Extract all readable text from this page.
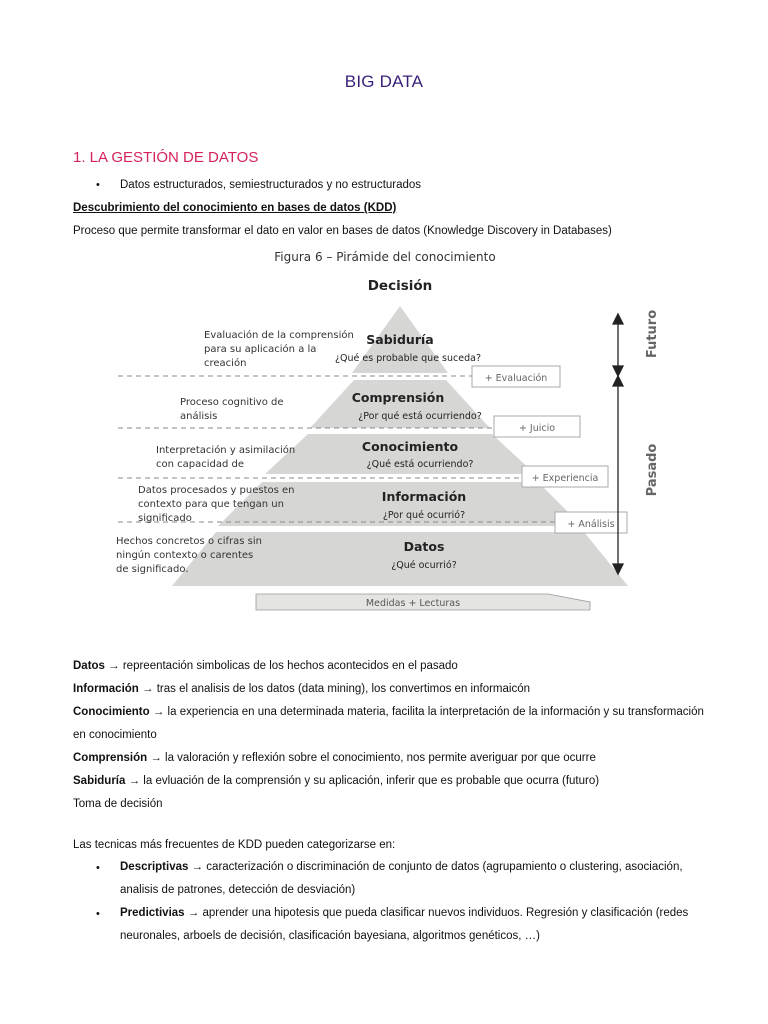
BIG DATA
1. LA GESTIÓN DE DATOS
• Datos estructurados, semiestructurados y no estructurados
Descubrimiento del conocimiento en bases de datos (KDD)
Proceso que permite transformar el dato en valor en bases de datos (Knowledge Discovery in Databases)
Figura 6 – Pirámide del conocimiento
Decisión
Sabiduría
¿Qué es probable que suceda?
Comprensión
¿Por qué está ocurriendo?
Conocimiento
¿Qué está ocurriendo?
Información
¿Por qué ocurrió?
Datos
¿Qué ocurrió?
+ Evaluación
+ Juicio
+ Experiencia
+ Análisis
Evaluación de la comprensión
para su aplicación a la
creación
Proceso cognitivo de
análisis
Interpretación y asimilación
con capacidad de
Datos procesados y puestos en
contexto para que tengan un
significado
Hechos concretos o cifras sin
ningún contexto o carentes
de significado.
Medidas + Lecturas
Futuro
Pasado
Datos → repreentación simbolicas de los hechos acontecidos en el pasado
Información → tras el analisis de los datos (data mining), los convertimos en informaicón
Conocimiento → la experiencia en una determinada materia, facilita la interpretación de la información y su transformación en conocimiento
Comprensión → la valoración y reflexión sobre el conocimiento, nos permite averiguar por que ocurre
Sabiduría → la evluación de la comprensión y su aplicación, inferir que es probable que ocurra (futuro)
Toma de decisión
Las tecnicas más frecuentes de KDD pueden categorizarse en:
• Descriptivas → caracterización o discriminación de conjunto de datos (agrupamiento o clustering, asociación, analisis de patrones, detección de desviación)
• Predictivias → aprender una hipotesis que pueda clasificar nuevos individuos. Regresión y clasificación (redes neuronales, arboels de decisión, clasificación bayesiana, algoritmos genéticos, …)
